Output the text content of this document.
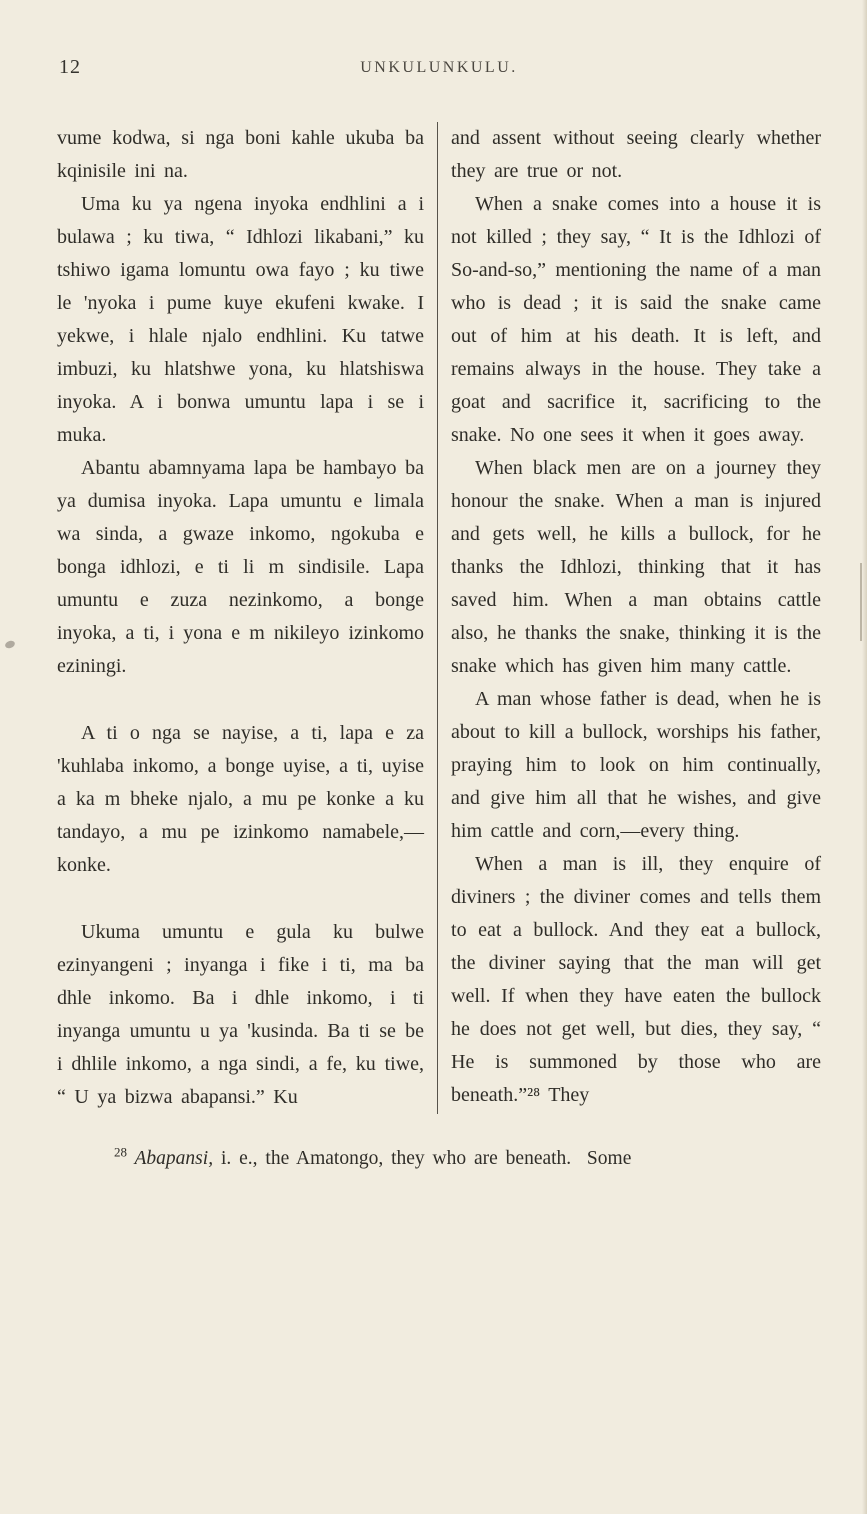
12	UNKULUNKULU.

vume kodwa, si nga boni kahle ukuba ba kqinisile ini na.

Uma ku ya ngena inyoka endhlini a i bulawa ; ku tiwa, “ Idhlozi likabani,” ku tshiwo igama lomuntu owa fayo ; ku tiwe le 'nyoka i pume kuye ekufeni kwake. I yekwe, i hlale njalo endhlini. Ku tatwe imbuzi, ku hlatshwe yona, ku hlatshiswa inyoka. A i bonwa umuntu lapa i se i muka.

Abantu abamnyama lapa be hambayo ba ya dumisa inyoka. Lapa umuntu e limala wa sinda, a gwaze inkomo, ngokuba e bonga idhlozi, e ti li m sindisile. Lapa umuntu e zuza nezinkomo, a bonge inyoka, a ti, i yona e m nikileyo izinkomo eziningi.

A ti o nga se nayise, a ti, lapa e za 'kuhlaba inkomo, a bonge uyise, a ti, uyise a ka m bheke njalo, a mu pe konke a ku tandayo, a mu pe izinkomo namabele,—konke.

Ukuma umuntu e gula ku bulwe ezinyangeni ; inyanga i fike i ti, ma ba dhle inkomo. Ba i dhle inkomo, i ti inyanga umuntu u ya 'kusinda. Ba ti se be i dhlile inkomo, a nga sindi, a fe, ku tiwe, “ U ya bizwa abapansi.” Ku

and assent without seeing clearly whether they are true or not.

When a snake comes into a house it is not killed ; they say, “ It is the Idhlozi of So-and-so,” mentioning the name of a man who is dead ; it is said the snake came out of him at his death. It is left, and remains always in the house. They take a goat and sacrifice it, sacrificing to the snake. No one sees it when it goes away.

When black men are on a journey they honour the snake. When a man is injured and gets well, he kills a bullock, for he thanks the Idhlozi, thinking that it has saved him. When a man obtains cattle also, he thanks the snake, thinking it is the snake which has given him many cattle.

A man whose father is dead, when he is about to kill a bullock, worships his father, praying him to look on him continually, and give him all that he wishes, and give him cattle and corn,—every thing.

When a man is ill, they enquire of diviners ; the diviner comes and tells them to eat a bullock. And they eat a bullock, the diviner saying that the man will get well. If when they have eaten the bullock he does not get well, but dies, they say, “ He is summoned by those who are beneath.”²⁸ They

$^{28}$ Abapansi, i. e., the Amatongo, they who are beneath.  Some
